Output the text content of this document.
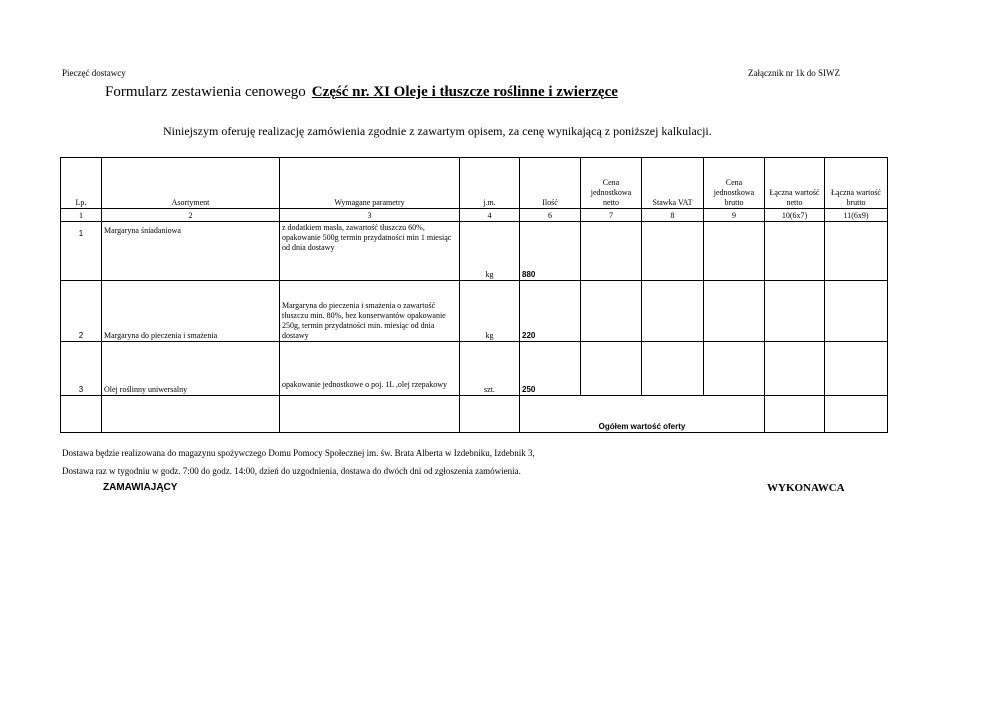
Pieczęć dostawcy	Załącznik nr 1k do SIWZ
Formularz zestawienia cenowego Część nr. XI Oleje i tłuszcze roślinne i zwierzęce
Niniejszym oferuję realizację zamówienia zgodnie z zawartym opisem, za cenę wynikającą z poniższej kalkulacji.
Lp.	Asortyment	Wymagane parametry	j.m.	Ilość	Cena jednostkowa netto	Stawka VAT	Cena jednostkowa brutto	Łączna wartość netto	Łączna wartość brutto
1	2	3	4	6	7	8	9	10(6x7)	11(6x9)
1	Margaryna śniadaniowa	z dodatkiem masła, zawartość tłuszczu 60%, opakowanie 500g termin przydatności min 1 miesiąc od dnia dostawy	kg	880					
2	Margaryna do pieczenia i smażenia	Margaryna do pieczenia i smażenia o zawartość tłuszczu min. 80%, bez konserwantów opakowanie 250g, termin przydatności min. miesiąc od dnia dostawy	kg	220					
3	Olej roślinny uniwersalny	opakowanie jednostkowe o poj. 1L ,olej rzepakowy	szt.	250					
				Ogółem wartość oferty					
Dostawa będzie realizowana do magazynu spożywczego Domu Pomocy Społecznej im. św. Brata Alberta w Izdebniku, Izdebnik 3,
Dostawa raz w tygodniu w godz. 7:00 do godz. 14:00, dzień do uzgodnienia, dostawa do dwóch dni od zgłoszenia zamówienia.
ZAMAWIAJĄCY	WYKONAWCA
